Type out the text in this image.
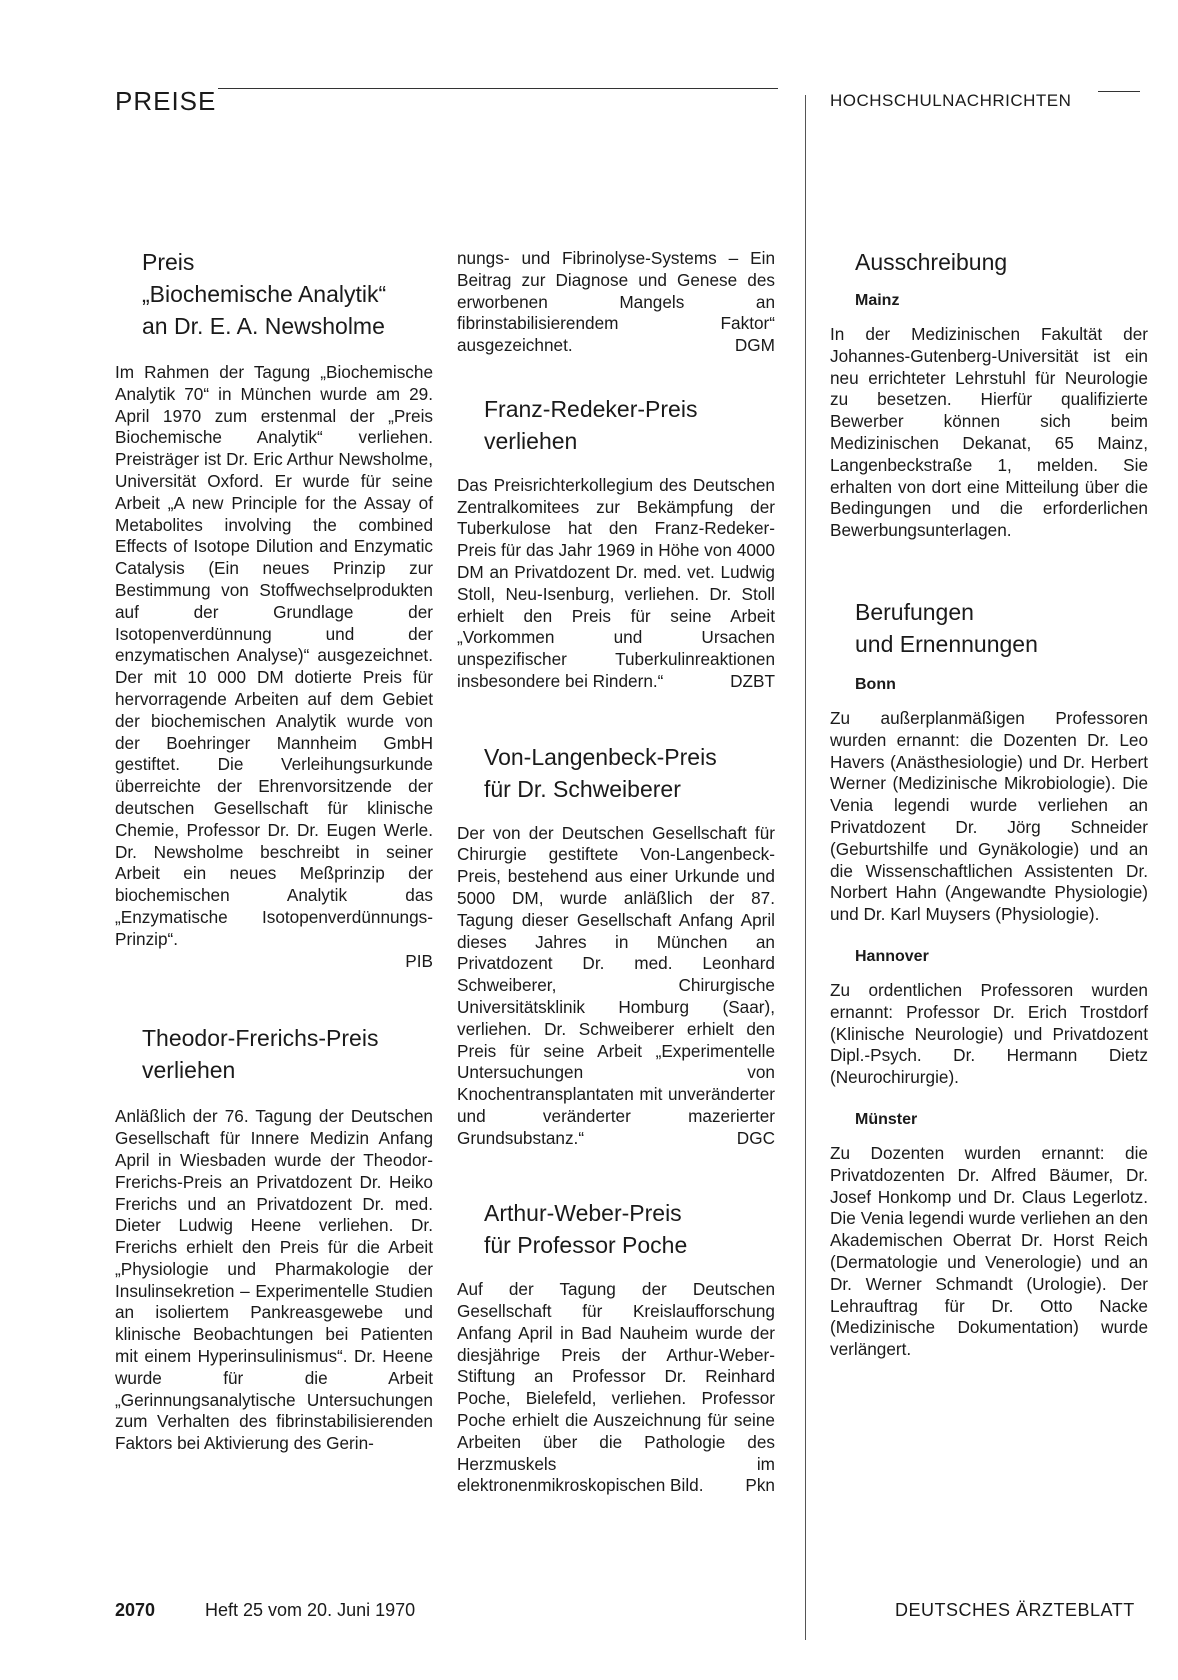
PREISE	HOCHSCHULNACHRICHTEN
Preis
„Biochemische Analytik“
an Dr. E. A. Newsholme

Im Rahmen der Tagung „Biochemische Analytik 70“ in München wurde am 29. April 1970 zum erstenmal der „Preis Biochemische Analytik“ verliehen. Preisträger ist Dr. Eric Arthur Newsholme, Universität Oxford. Er wurde für seine Arbeit „A new Principle for the Assay of Metabolites involving the combined Effects of Isotope Dilution and Enzymatic Catalysis (Ein neues Prinzip zur Bestimmung von Stoffwechselprodukten auf der Grundlage der Isotopenverdünnung und der enzymatischen Analyse)“ ausgezeichnet. Der mit 10 000 DM dotierte Preis für hervorragende Arbeiten auf dem Gebiet der biochemischen Analytik wurde von der Boehringer Mannheim GmbH gestiftet. Die Verleihungsurkunde überreichte der Ehrenvorsitzende der deutschen Gesellschaft für klinische Chemie, Professor Dr. Dr. Eugen Werle. Dr. Newsholme beschreibt in seiner Arbeit ein neues Meßprinzip der biochemischen Analytik das „Enzymatische Isotopenverdünnungs-Prinzip“.

PIB

Theodor-Frerichs-Preis
verliehen

Anläßlich der 76. Tagung der Deutschen Gesellschaft für Innere Medizin Anfang April in Wiesbaden wurde der Theodor-Frerichs-Preis an Privatdozent Dr. Heiko Frerichs und an Privatdozent Dr. med. Dieter Ludwig Heene verliehen. Dr. Frerichs erhielt den Preis für die Arbeit „Physiologie und Pharmakologie der Insulinsekretion – Experimentelle Studien an isoliertem Pankreasgewebe und klinische Beobachtungen bei Patienten mit einem Hyperinsulinismus“. Dr. Heene wurde für die Arbeit „Gerinnungsanalytische Untersuchungen zum Verhalten des fibrinstabilisierenden Faktors bei Aktivierung des Gerin-

nungs- und Fibrinolyse-Systems – Ein Beitrag zur Diagnose und Genese des erworbenen Mangels an fibrinstabilisierendem Faktor“ ausgezeichnet.	DGM

Franz-Redeker-Preis
verliehen

Das Preisrichterkollegium des Deutschen Zentralkomitees zur Bekämpfung der Tuberkulose hat den Franz-Redeker-Preis für das Jahr 1969 in Höhe von 4000 DM an Privatdozent Dr. med. vet. Ludwig Stoll, Neu-Isenburg, verliehen. Dr. Stoll erhielt den Preis für seine Arbeit „Vorkommen und Ursachen unspezifischer Tuberkulinreaktionen insbesondere bei Rindern.“	DZBT

Von-Langenbeck-Preis
für Dr. Schweiberer

Der von der Deutschen Gesellschaft für Chirurgie gestiftete Von-Langenbeck-Preis, bestehend aus einer Urkunde und 5000 DM, wurde anläßlich der 87. Tagung dieser Gesellschaft Anfang April dieses Jahres in München an Privatdozent Dr. med. Leonhard Schweiberer, Chirurgische Universitätsklinik Homburg (Saar), verliehen. Dr. Schweiberer erhielt den Preis für seine Arbeit „Experimentelle Untersuchungen von Knochentransplantaten mit unveränderter und veränderter mazerierter Grundsubstanz.“	DGC

Arthur-Weber-Preis
für Professor Poche

Auf der Tagung der Deutschen Gesellschaft für Kreislaufforschung Anfang April in Bad Nauheim wurde der diesjährige Preis der Arthur-Weber-Stiftung an Professor Dr. Reinhard Poche, Bielefeld, verliehen. Professor Poche erhielt die Auszeichnung für seine Arbeiten über die Pathologie des Herzmuskels im elektronenmikroskopischen Bild.	Pkn

Ausschreibung

Mainz

In der Medizinischen Fakultät der Johannes-Gutenberg-Universität ist ein neu errichteter Lehrstuhl für Neurologie zu besetzen. Hierfür qualifizierte Bewerber können sich beim Medizinischen Dekanat, 65 Mainz, Langenbeckstraße 1, melden. Sie erhalten von dort eine Mitteilung über die Bedingungen und die erforderlichen Bewerbungsunterlagen.

Berufungen
und Ernennungen

Bonn

Zu außerplanmäßigen Professoren wurden ernannt: die Dozenten Dr. Leo Havers (Anästhesiologie) und Dr. Herbert Werner (Medizinische Mikrobiologie). Die Venia legendi wurde verliehen an Privatdozent Dr. Jörg Schneider (Geburtshilfe und Gynäkologie) und an die Wissenschaftlichen Assistenten Dr. Norbert Hahn (Angewandte Physiologie) und Dr. Karl Muysers (Physiologie).

Hannover

Zu ordentlichen Professoren wurden ernannt: Professor Dr. Erich Trostdorf (Klinische Neurologie) und Privatdozent Dipl.-Psych. Dr. Hermann Dietz (Neurochirurgie).

Münster

Zu Dozenten wurden ernannt: die Privatdozenten Dr. Alfred Bäumer, Dr. Josef Honkomp und Dr. Claus Legerlotz. Die Venia legendi wurde verliehen an den Akademischen Oberrat Dr. Horst Reich (Dermatologie und Venerologie) und an Dr. Werner Schmandt (Urologie). Der Lehrauftrag für Dr. Otto Nacke (Medizinische Dokumentation) wurde verlängert.

2070	Heft 25 vom 20. Juni 1970	DEUTSCHES ÄRZTEBLATT
